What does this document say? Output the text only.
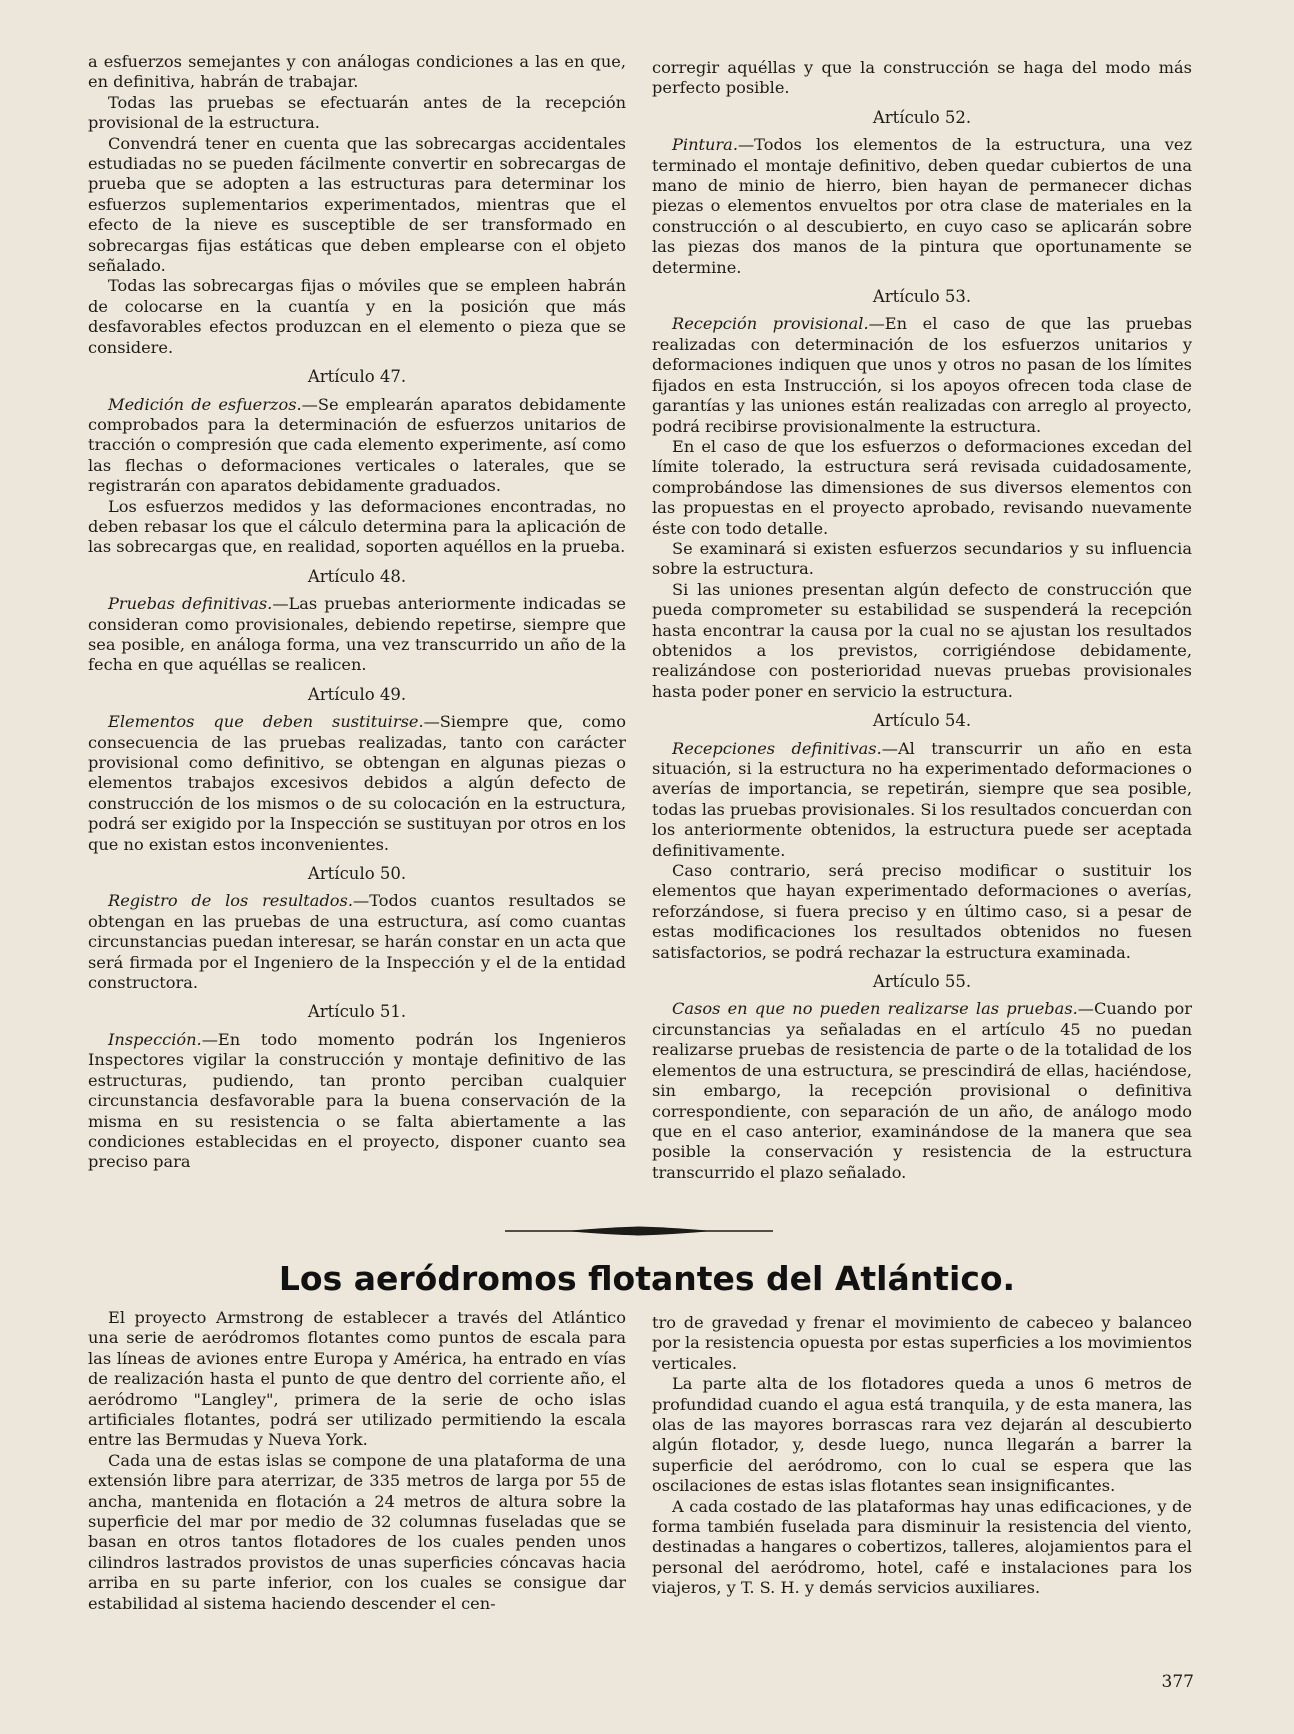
a esfuerzos semejantes y con análogas condiciones a las en que, en definitiva, habrán de trabajar.

Todas las pruebas se efectuarán antes de la recepción provisional de la estructura.

Convendrá tener en cuenta que las sobrecargas accidentales estudiadas no se pueden fácilmente convertir en sobrecargas de prueba que se adopten a las estructuras para determinar los esfuerzos suplementarios experimentados, mientras que el efecto de la nieve es susceptible de ser transformado en sobrecargas fijas estáticas que deben emplearse con el objeto señalado.

Todas las sobrecargas fijas o móviles que se empleen habrán de colocarse en la cuantía y en la posición que más desfavorables efectos produzcan en el elemento o pieza que se considere.

Artículo 47.

Medición de esfuerzos.—Se emplearán aparatos debidamente comprobados para la determinación de esfuerzos unitarios de tracción o compresión que cada elemento experimente, así como las flechas o deformaciones verticales o laterales, que se registrarán con aparatos debidamente graduados.

Los esfuerzos medidos y las deformaciones encontradas, no deben rebasar los que el cálculo determina para la aplicación de las sobrecargas que, en realidad, soporten aquéllos en la prueba.

Artículo 48.

Pruebas definitivas.—Las pruebas anteriormente indicadas se consideran como provisionales, debiendo repetirse, siempre que sea posible, en análoga forma, una vez transcurrido un año de la fecha en que aquéllas se realicen.

Artículo 49.

Elementos que deben sustituirse.—Siempre que, como consecuencia de las pruebas realizadas, tanto con carácter provisional como definitivo, se obtengan en algunas piezas o elementos trabajos excesivos debidos a algún defecto de construcción de los mismos o de su colocación en la estructura, podrá ser exigido por la Inspección se sustituyan por otros en los que no existan estos inconvenientes.

Artículo 50.

Registro de los resultados.—Todos cuantos resultados se obtengan en las pruebas de una estructura, así como cuantas circunstancias puedan interesar, se harán constar en un acta que será firmada por el Ingeniero de la Inspección y el de la entidad constructora.

Artículo 51.

Inspección.—En todo momento podrán los Ingenieros Inspectores vigilar la construcción y montaje definitivo de las estructuras, pudiendo, tan pronto perciban cualquier circunstancia desfavorable para la buena conservación de la misma en su resistencia o se falta abiertamente a las condiciones establecidas en el proyecto, disponer cuanto sea preciso para

corregir aquéllas y que la construcción se haga del modo más perfecto posible.

Artículo 52.

Pintura.—Todos los elementos de la estructura, una vez terminado el montaje definitivo, deben quedar cubiertos de una mano de minio de hierro, bien hayan de permanecer dichas piezas o elementos envueltos por otra clase de materiales en la construcción o al descubierto, en cuyo caso se aplicarán sobre las piezas dos manos de la pintura que oportunamente se determine.

Artículo 53.

Recepción provisional.—En el caso de que las pruebas realizadas con determinación de los esfuerzos unitarios y deformaciones indiquen que unos y otros no pasan de los límites fijados en esta Instrucción, si los apoyos ofrecen toda clase de garantías y las uniones están realizadas con arreglo al proyecto, podrá recibirse provisionalmente la estructura.

En el caso de que los esfuerzos o deformaciones excedan del límite tolerado, la estructura será revisada cuidadosamente, comprobándose las dimensiones de sus diversos elementos con las propuestas en el proyecto aprobado, revisando nuevamente éste con todo detalle.

Se examinará si existen esfuerzos secundarios y su influencia sobre la estructura.

Si las uniones presentan algún defecto de construcción que pueda comprometer su estabilidad se suspenderá la recepción hasta encontrar la causa por la cual no se ajustan los resultados obtenidos a los previstos, corrigiéndose debidamente, realizándose con posterioridad nuevas pruebas provisionales hasta poder poner en servicio la estructura.

Artículo 54.

Recepciones definitivas.—Al transcurrir un año en esta situación, si la estructura no ha experimentado deformaciones o averías de importancia, se repetirán, siempre que sea posible, todas las pruebas provisionales. Si los resultados concuerdan con los anteriormente obtenidos, la estructura puede ser aceptada definitivamente.

Caso contrario, será preciso modificar o sustituir los elementos que hayan experimentado deformaciones o averías, reforzándose, si fuera preciso y en último caso, si a pesar de estas modificaciones los resultados obtenidos no fuesen satisfactorios, se podrá rechazar la estructura examinada.

Artículo 55.

Casos en que no pueden realizarse las pruebas.—Cuando por circunstancias ya señaladas en el artículo 45 no puedan realizarse pruebas de resistencia de parte o de la totalidad de los elementos de una estructura, se prescindirá de ellas, haciéndose, sin embargo, la recepción provisional o definitiva correspondiente, con separación de un año, de análogo modo que en el caso anterior, examinándose de la manera que sea posible la conservación y resistencia de la estructura transcurrido el plazo señalado.

Los aeródromos flotantes del Atlántico.

El proyecto Armstrong de establecer a través del Atlántico una serie de aeródromos flotantes como puntos de escala para las líneas de aviones entre Europa y América, ha entrado en vías de realización hasta el punto de que dentro del corriente año, el aeródromo "Langley", primera de la serie de ocho islas artificiales flotantes, podrá ser utilizado permitiendo la escala entre las Bermudas y Nueva York.

Cada una de estas islas se compone de una plataforma de una extensión libre para aterrizar, de 335 metros de larga por 55 de ancha, mantenida en flotación a 24 metros de altura sobre la superficie del mar por medio de 32 columnas fuseladas que se basan en otros tantos flotadores de los cuales penden unos cilindros lastrados provistos de unas superficies cóncavas hacia arriba en su parte inferior, con los cuales se consigue dar estabilidad al sistema haciendo descender el cen-

tro de gravedad y frenar el movimiento de cabeceo y balanceo por la resistencia opuesta por estas superficies a los movimientos verticales.

La parte alta de los flotadores queda a unos 6 metros de profundidad cuando el agua está tranquila, y de esta manera, las olas de las mayores borrascas rara vez dejarán al descubierto algún flotador, y, desde luego, nunca llegarán a barrer la superficie del aeródromo, con lo cual se espera que las oscilaciones de estas islas flotantes sean insignificantes.

A cada costado de las plataformas hay unas edificaciones, y de forma también fuselada para disminuir la resistencia del viento, destinadas a hangares o cobertizos, talleres, alojamientos para el personal del aeródromo, hotel, café e instalaciones para los viajeros, y T. S. H. y demás servicios auxiliares.

377
